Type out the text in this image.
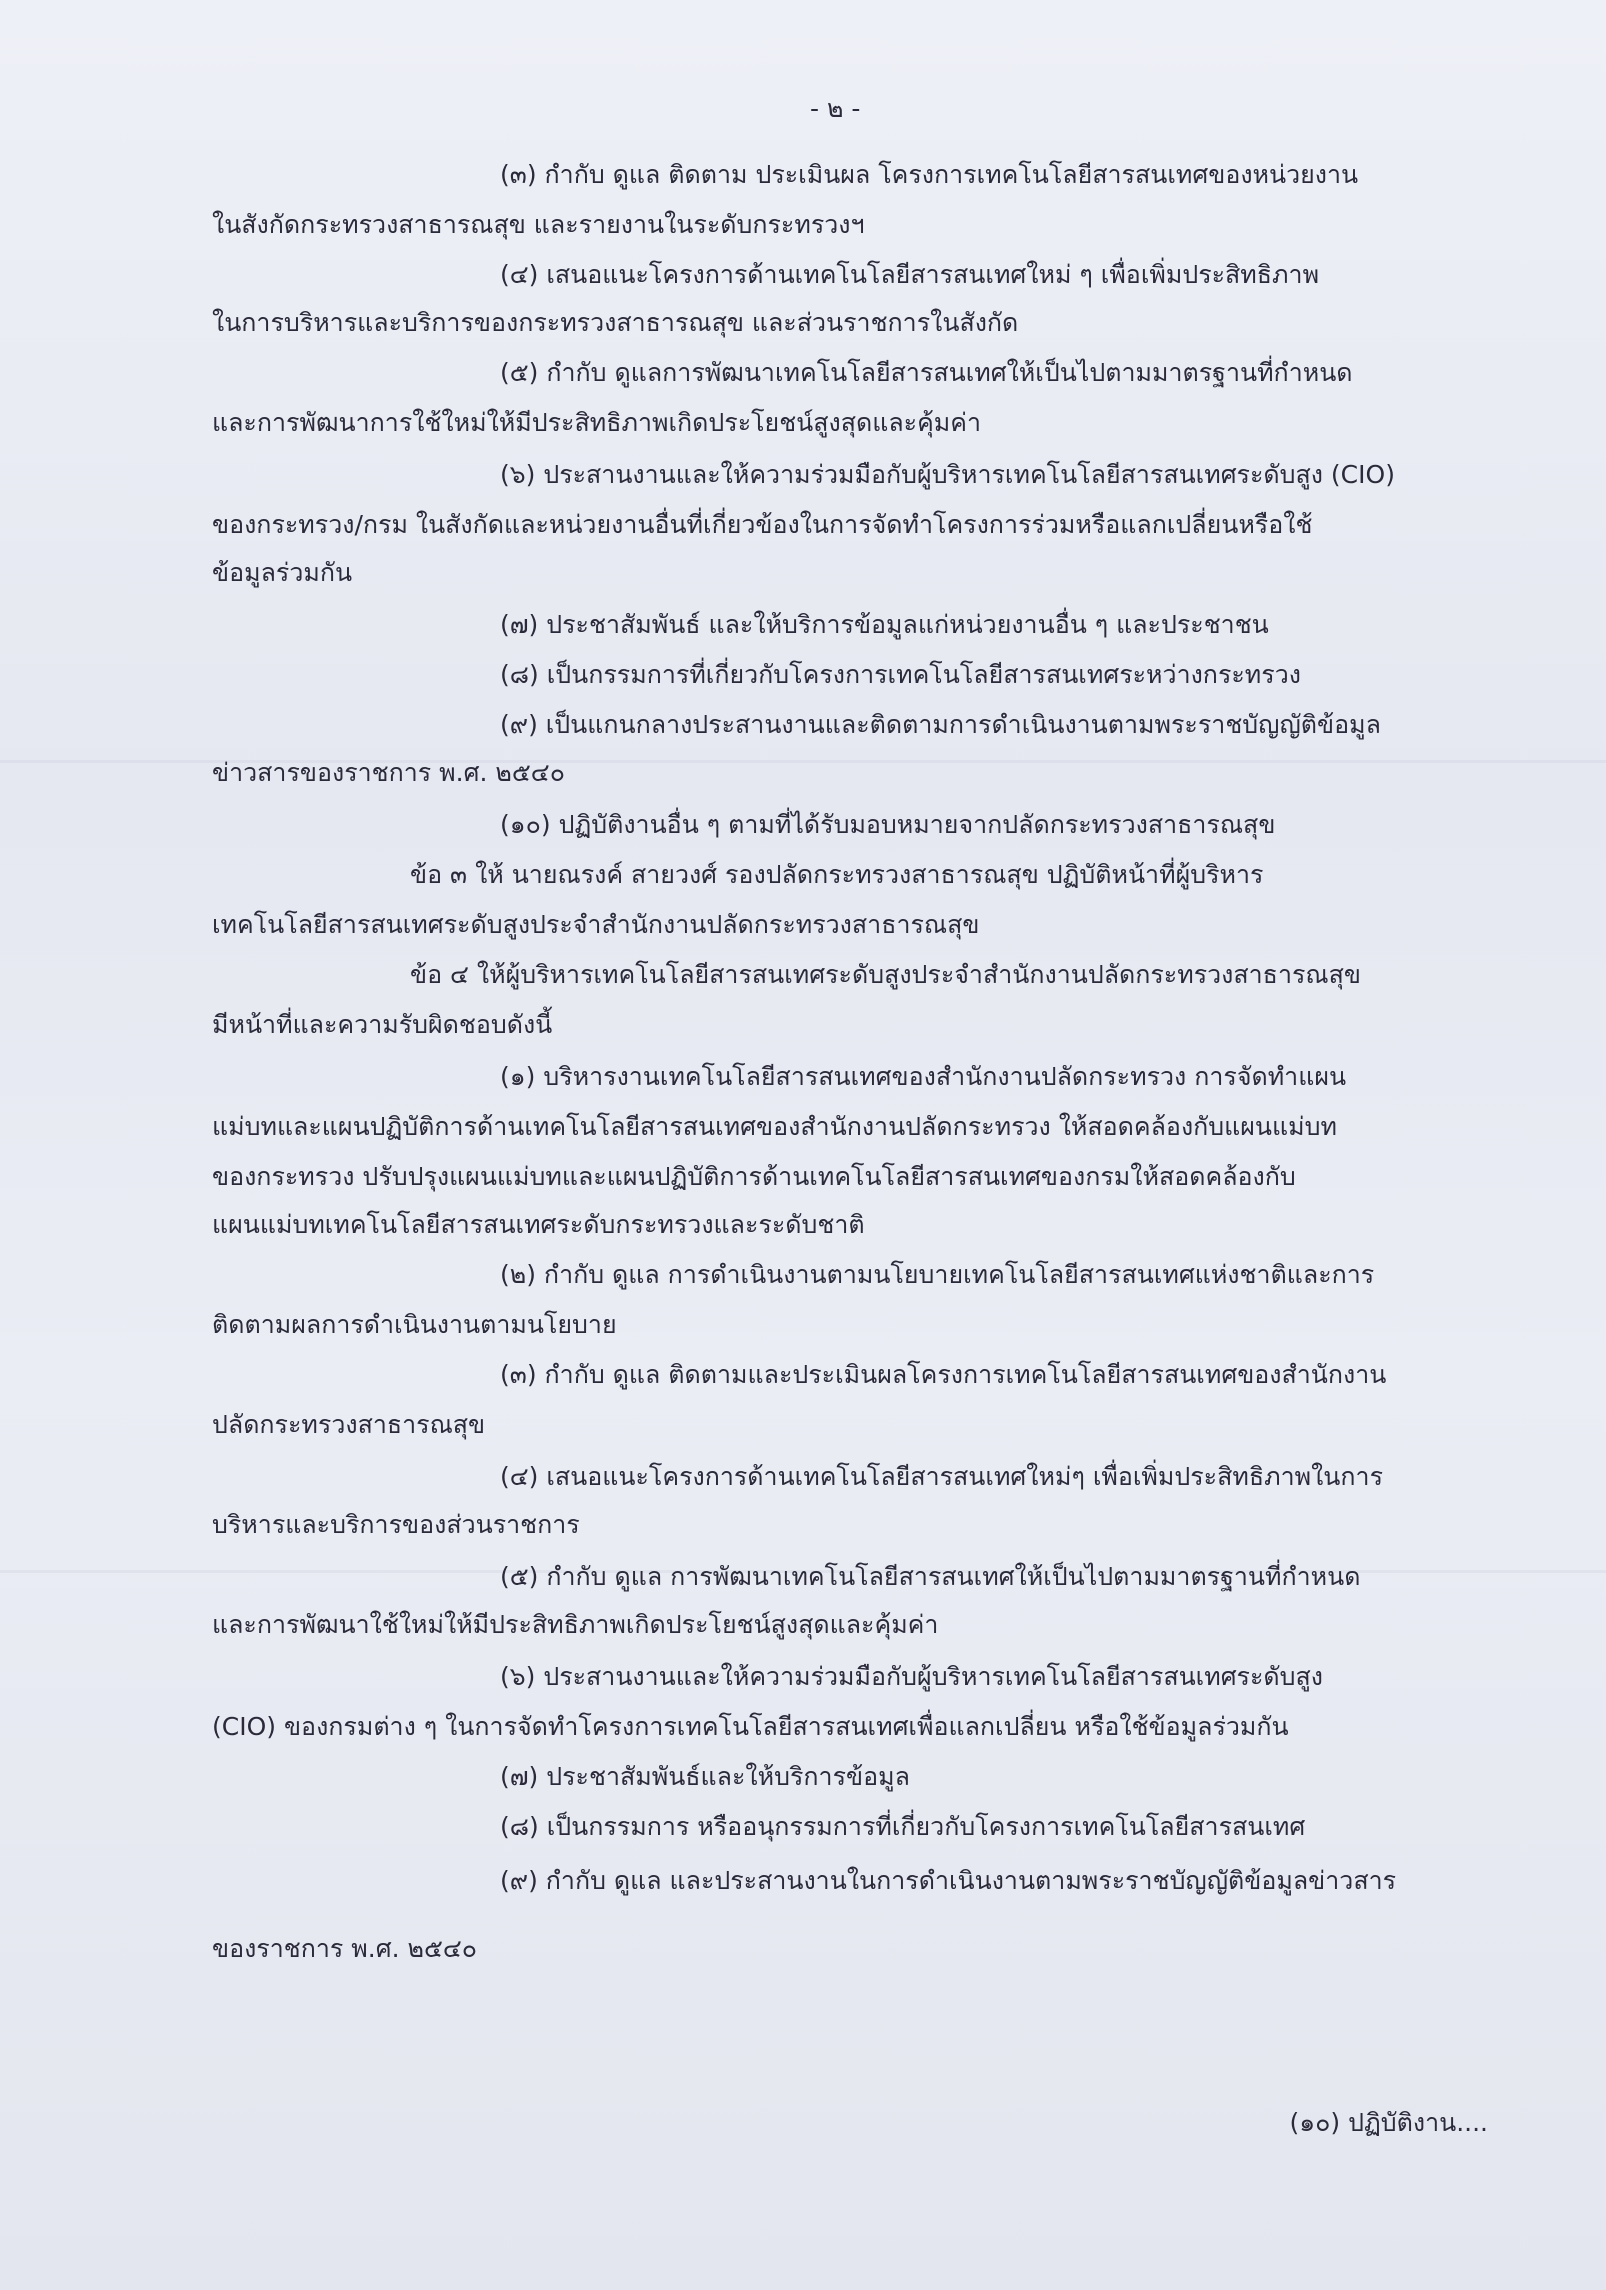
- ๒ -
(๓) กำกับ ดูแล ติดตาม ประเมินผล โครงการเทคโนโลยีสารสนเทศของหน่วยงาน
ในสังกัดกระทรวงสาธารณสุข และรายงานในระดับกระทรวงฯ
(๔) เสนอแนะโครงการด้านเทคโนโลยีสารสนเทศใหม่ ๆ เพื่อเพิ่มประสิทธิภาพ
ในการบริหารและบริการของกระทรวงสาธารณสุข และส่วนราชการในสังกัด
(๕) กำกับ ดูแลการพัฒนาเทคโนโลยีสารสนเทศให้เป็นไปตามมาตรฐานที่กำหนด
และการพัฒนาการใช้ใหม่ให้มีประสิทธิภาพเกิดประโยชน์สูงสุดและคุ้มค่า
(๖) ประสานงานและให้ความร่วมมือกับผู้บริหารเทคโนโลยีสารสนเทศระดับสูง (CIO)
ของกระทรวง/กรม ในสังกัดและหน่วยงานอื่นที่เกี่ยวข้องในการจัดทำโครงการร่วมหรือแลกเปลี่ยนหรือใช้
ข้อมูลร่วมกัน
(๗) ประชาสัมพันธ์ และให้บริการข้อมูลแก่หน่วยงานอื่น ๆ และประชาชน
(๘) เป็นกรรมการที่เกี่ยวกับโครงการเทคโนโลยีสารสนเทศระหว่างกระทรวง
(๙) เป็นแกนกลางประสานงานและติดตามการดำเนินงานตามพระราชบัญญัติข้อมูล
ข่าวสารของราชการ พ.ศ. ๒๕๔๐
(๑๐) ปฏิบัติงานอื่น ๆ ตามที่ได้รับมอบหมายจากปลัดกระทรวงสาธารณสุข
ข้อ ๓ ให้ นายณรงค์ สายวงศ์ รองปลัดกระทรวงสาธารณสุข ปฏิบัติหน้าที่ผู้บริหาร
เทคโนโลยีสารสนเทศระดับสูงประจำสำนักงานปลัดกระทรวงสาธารณสุข
ข้อ ๔ ให้ผู้บริหารเทคโนโลยีสารสนเทศระดับสูงประจำสำนักงานปลัดกระทรวงสาธารณสุข
มีหน้าที่และความรับผิดชอบดังนี้
(๑) บริหารงานเทคโนโลยีสารสนเทศของสำนักงานปลัดกระทรวง การจัดทำแผน
แม่บทและแผนปฏิบัติการด้านเทคโนโลยีสารสนเทศของสำนักงานปลัดกระทรวง ให้สอดคล้องกับแผนแม่บท
ของกระทรวง ปรับปรุงแผนแม่บทและแผนปฏิบัติการด้านเทคโนโลยีสารสนเทศของกรมให้สอดคล้องกับ
แผนแม่บทเทคโนโลยีสารสนเทศระดับกระทรวงและระดับชาติ
(๒) กำกับ ดูแล การดำเนินงานตามนโยบายเทคโนโลยีสารสนเทศแห่งชาติและการ
ติดตามผลการดำเนินงานตามนโยบาย
(๓) กำกับ ดูแล ติดตามและประเมินผลโครงการเทคโนโลยีสารสนเทศของสำนักงาน
ปลัดกระทรวงสาธารณสุข
(๔) เสนอแนะโครงการด้านเทคโนโลยีสารสนเทศใหม่ๆ เพื่อเพิ่มประสิทธิภาพในการ
บริหารและบริการของส่วนราชการ
(๕) กำกับ ดูแล การพัฒนาเทคโนโลยีสารสนเทศให้เป็นไปตามมาตรฐานที่กำหนด
และการพัฒนาใช้ใหม่ให้มีประสิทธิภาพเกิดประโยชน์สูงสุดและคุ้มค่า
(๖) ประสานงานและให้ความร่วมมือกับผู้บริหารเทคโนโลยีสารสนเทศระดับสูง
(CIO) ของกรมต่าง ๆ ในการจัดทำโครงการเทคโนโลยีสารสนเทศเพื่อแลกเปลี่ยน หรือใช้ข้อมูลร่วมกัน
(๗) ประชาสัมพันธ์และให้บริการข้อมูล
(๘) เป็นกรรมการ หรืออนุกรรมการที่เกี่ยวกับโครงการเทคโนโลยีสารสนเทศ
(๙) กำกับ ดูแล และประสานงานในการดำเนินงานตามพระราชบัญญัติข้อมูลข่าวสาร
ของราชการ พ.ศ. ๒๕๔๐
(๑๐) ปฏิบัติงาน....
